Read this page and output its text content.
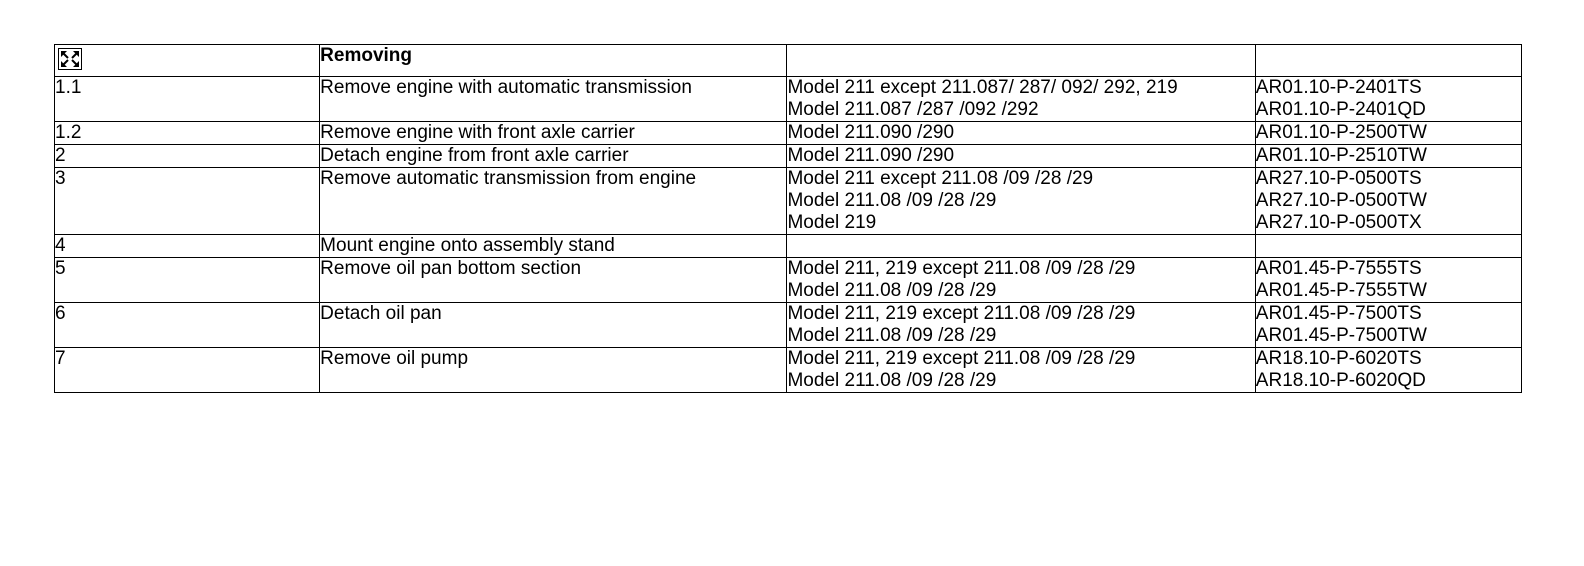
	Removing		
1.1	Remove engine with automatic transmission	Model 211 except 211.087/ 287/ 092/ 292, 219	AR01.10-P-2401TS
		Model 211.087 /287 /092 /292	AR01.10-P-2401QD
1.2	Remove engine with front axle carrier	Model 211.090 /290	AR01.10-P-2500TW
2	Detach engine from front axle carrier	Model 211.090 /290	AR01.10-P-2510TW
3	Remove automatic transmission from engine	Model 211 except 211.08 /09 /28 /29	AR27.10-P-0500TS
		Model 211.08 /09 /28 /29	AR27.10-P-0500TW
		Model 219	AR27.10-P-0500TX
4	Mount engine onto assembly stand		
5	Remove oil pan bottom section	Model 211, 219 except 211.08 /09 /28 /29	AR01.45-P-7555TS
		Model 211.08 /09 /28 /29	AR01.45-P-7555TW
6	Detach oil pan	Model 211, 219 except 211.08 /09 /28 /29	AR01.45-P-7500TS
		Model 211.08 /09 /28 /29	AR01.45-P-7500TW
7	Remove oil pump	Model 211, 219 except 211.08 /09 /28 /29	AR18.10-P-6020TS
		Model 211.08 /09 /28 /29	AR18.10-P-6020QD
